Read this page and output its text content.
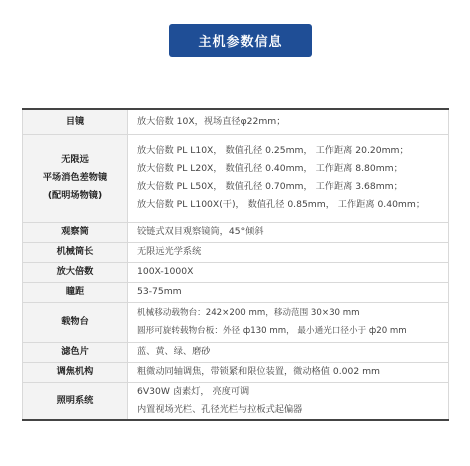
主机参数信息
目镜	放大倍数 10X，视场直径φ22mm；

无限远
平场消色差物镜
(配明场物镜)	放大倍数 PL L10X， 数值孔径 0.25mm， 工作距离 20.20mm；
放大倍数 PL L20X， 数值孔径 0.40mm， 工作距离 8.80mm；
放大倍数 PL L50X， 数值孔径 0.70mm， 工作距离 3.68mm；
放大倍数 PL L100X(干)， 数值孔径 0.85mm， 工作距离 0.40mm；

观察筒	铰链式双目观察镜筒，45°倾斜

机械筒长	无限远光学系统

放大倍数	100X-1000X

瞳距	53-75mm

载物台	机械移动载物台：242×200 mm，移动范围 30×30 mm
圆形可旋转载物台板：外径 ф130 mm， 最小通光口径小于 ф20 mm

滤色片	蓝、黄、绿、磨砂

调焦机构	粗微动同轴调焦，带锁紧和限位装置，微动格值 0.002 mm

照明系统	6V30W 卤素灯， 亮度可调
内置视场光栏、孔径光栏与拉板式起偏器
